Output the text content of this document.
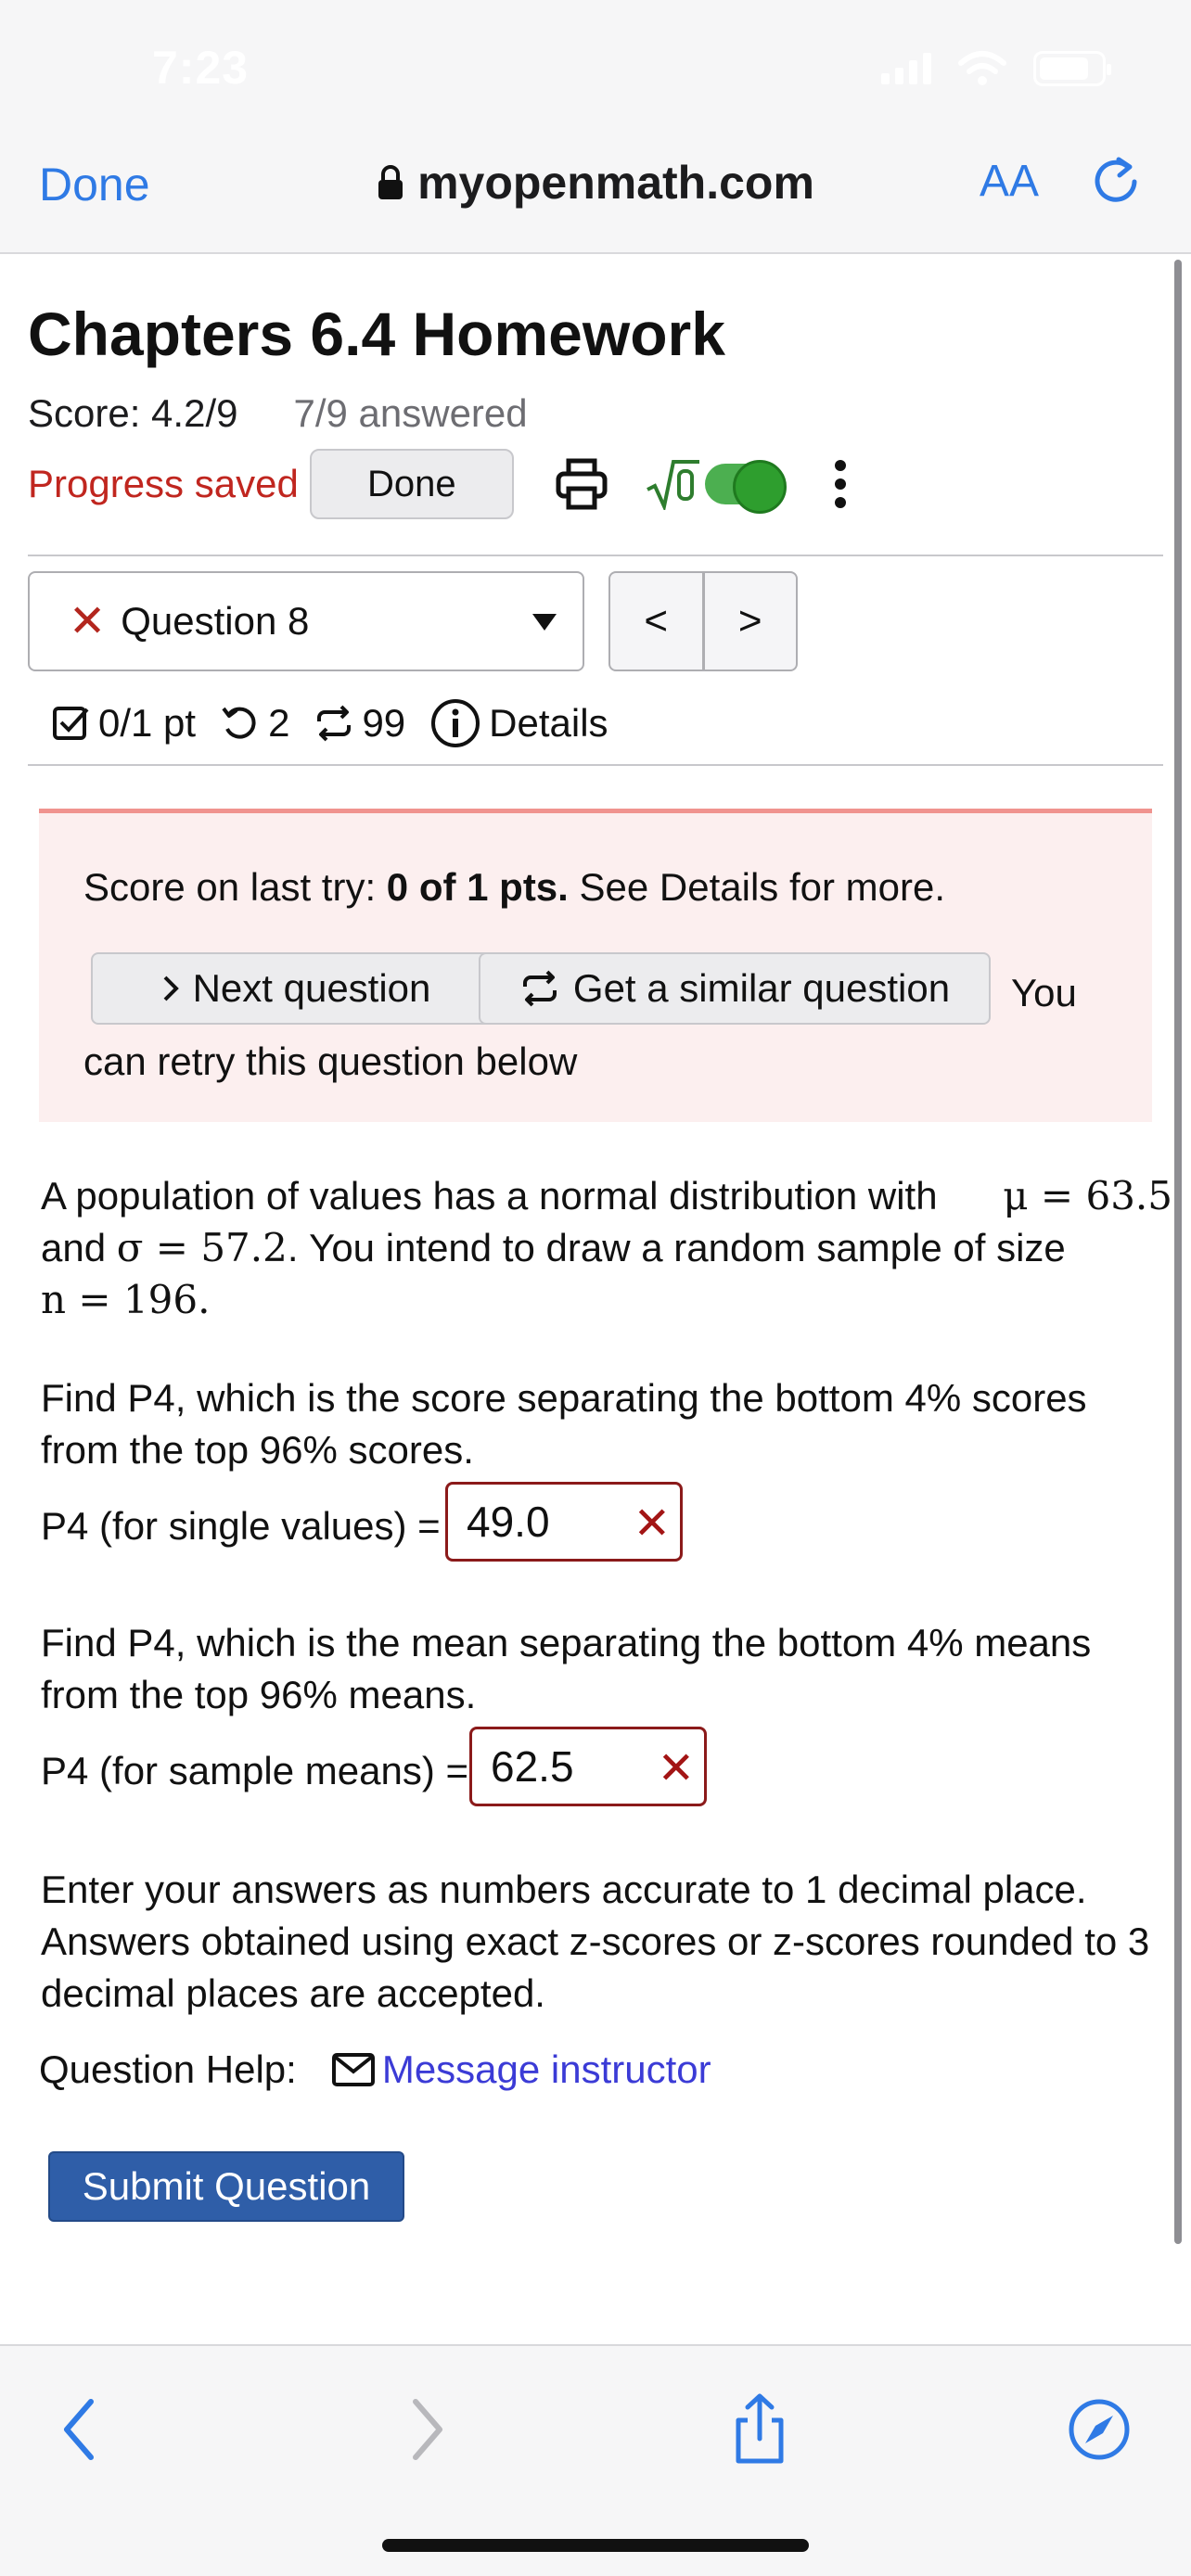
7:23
Done	myopenmath.com	AA
Chapters 6.4 Homework
Score: 4.2/9 7/9 answered
Progress saved	Done
✕ Question 8	<	>
0/1 pt 2 99 Details
Score on last try: 0 of 1 pts. See Details for more.
Next question	Get a similar question You
can retry this question below
A population of values has a normal distribution with μ = 63.5
and σ = 57.2. You intend to draw a random sample of size
n = 196.
Find P4, which is the score separating the bottom 4% scores
from the top 96% scores.
P4 (for single values) = 49.0 ✕
Find P4, which is the mean separating the bottom 4% means
from the top 96% means.
P4 (for sample means) = 62.5 ✕
Enter your answers as numbers accurate to 1 decimal place.
Answers obtained using exact z-scores or z-scores rounded to 3
decimal places are accepted.
Question Help: Message instructor
Submit Question
